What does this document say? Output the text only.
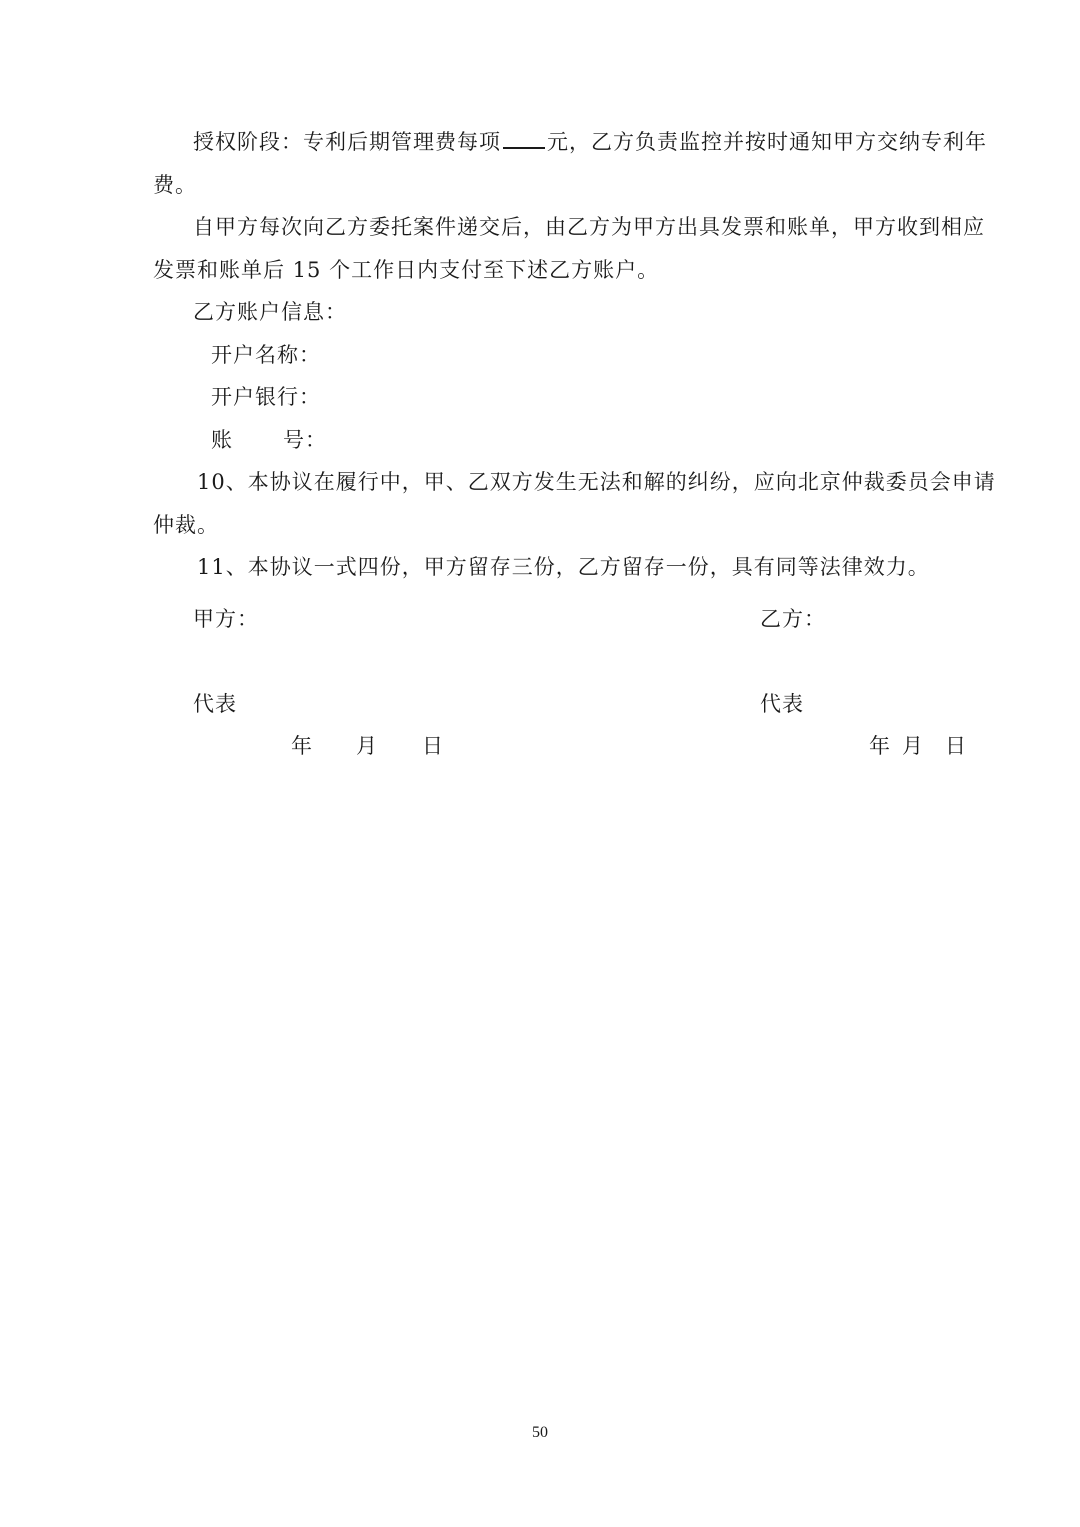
授权阶段：专利后期管理费每项 元，乙方负责监控并按时通知甲方交纳专利年
费。
自甲方每次向乙方委托案件递交后，由乙方为甲方出具发票和账单，甲方收到相应
发票和账单后 15 个工作日内支付至下述乙方账户。
乙方账户信息：
开户名称：
开户银行：
账 号：
10、本协议在履行中，甲、乙双方发生无法和解的纠纷，应向北京仲裁委员会申请
仲裁。
11、本协议一式四份，甲方留存三份，乙方留存一份，具有同等法律效力。
甲方：	乙方：
代表	代表
年 月 日	年 月 日
50
